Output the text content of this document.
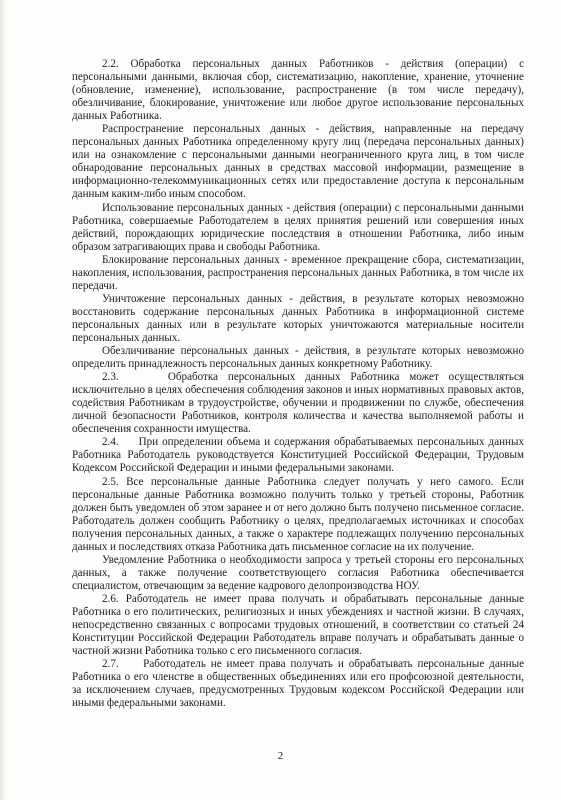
2.2. Обработка персональных данных Работников - действия (операции) с персональными данными, включая сбор, систематизацию, накопление, хранение, уточнение (обновление, изменение), использование, распространение (в том числе передачу), обезличивание, блокирование, уничтожение или любое другое использование персональных данных Работника.

Распространение персональных данных - действия, направленные на передачу персональных данных Работника определенному кругу лиц (передача персональных данных) или на ознакомление с персональными данными неограниченного круга лиц, в том числе обнародование персональных данных в средствах массовой информации, размещение в информационно-телекоммуникационных сетях или предоставление доступа к персональным данным каким-либо иным способом.

Использование персональных данных - действия (операции) с персональными данными Работника, совершаемые Работодателем в целях принятия решений или совершения иных действий, порождающих юридические последствия в отношении Работника, либо иным образом затрагивающих права и свободы Работника.

Блокирование персональных данных - временное прекращение сбора, систематизации, накопления, использования, распространения персональных данных Работника, в том числе их передачи.

Уничтожение персональных данных - действия, в результате которых невозможно восстановить содержание персональных данных Работника в информационной системе персональных данных или в результате которых уничтожаются материальные носители персональных данных.

Обезличивание персональных данных - действия, в результате которых невозможно определить принадлежность персональных данных конкретному Работнику.

2.3.     Обработка персональных данных Работника может осуществляться исключительно в целях обеспечения соблюдения законов и иных нормативных правовых актов, содействия Работникам в трудоустройстве, обучении и продвижении по службе, обеспечения личной безопасности Работников, контроля количества и качества выполняемой работы и обеспечения сохранности имущества.

2.4.     При определении объема и содержания обрабатываемых персональных данных Работника Работодатель руководствуется Конституцией Российской Федерации, Трудовым Кодексом Российской Федерации и иными федеральными законами.

2.5. Все персональные данные Работника следует получать у него самого. Если персональные данные Работника возможно получить только у третьей стороны, Работник должен быть уведомлен об этом заранее и от него должно быть получено письменное согласие. Работодатель должен сообщить Работнику о целях, предполагаемых источниках и способах получения персональных данных, а также о характере подлежащих получению персональных данных и последствиях отказа Работника дать письменное согласие на их получение.

Уведомление Работника о необходимости запроса у третьей стороны его персональных данных, а также получение соответствующего согласия Работника обеспечивается специалистом, отвечающим за ведение кадрового делопроизводства НОУ.

2.6. Работодатель не имеет права получать и обрабатывать персональные данные Работника о его политических, религиозных и иных убеждениях и частной жизни. В случаях, непосредственно связанных с вопросами трудовых отношений, в соответствии со статьей 24 Конституции Российской Федерации Работодатель вправе получать и обрабатывать данные о частной жизни Работника только с его письменного согласия.

2.7.     Работодатель не имеет права получать и обрабатывать персональные данные Работника о его членстве в общественных объединениях или его профсоюзной деятельности, за исключением случаев, предусмотренных Трудовым кодексом Российской Федерации или иными федеральными законами.

2
